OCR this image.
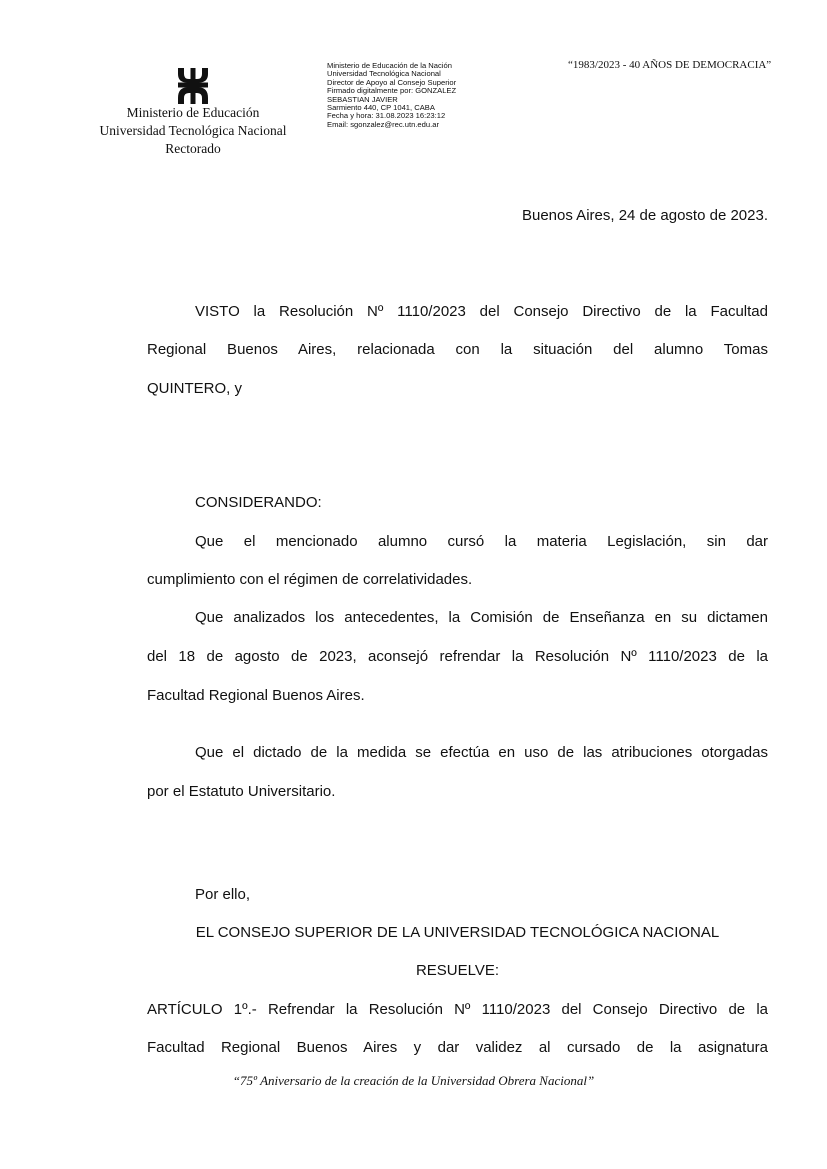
Ministerio de Educación
Universidad Tecnológica Nacional
Rectorado
Ministerio de Educación de la Nación
Universidad Tecnológica Nacional
Director de Apoyo al Consejo Superior
Firmado digitalmente por: GONZALEZ
SEBASTIAN JAVIER
Sarmiento 440, CP 1041, CABA
Fecha y hora: 31.08.2023 16:23:12
Email: sgonzalez@rec.utn.edu.ar
“1983/2023 - 40 AÑOS DE DEMOCRACIA”
Buenos Aires, 24 de agosto de 2023.
VISTO la Resolución Nº 1110/2023 del Consejo Directivo de la Facultad
Regional Buenos Aires, relacionada con la situación del alumno Tomas
QUINTERO, y
CONSIDERANDO:
Que el mencionado alumno cursó la materia Legislación, sin dar
cumplimiento con el régimen de correlatividades.
Que analizados los antecedentes, la Comisión de Enseñanza en su dictamen
del 18 de agosto de 2023, aconsejó refrendar la Resolución Nº 1110/2023 de la
Facultad Regional Buenos Aires.
Que el dictado de la medida se efectúa en uso de las atribuciones otorgadas
por el Estatuto Universitario.
Por ello,
EL CONSEJO SUPERIOR DE LA UNIVERSIDAD TECNOLÓGICA NACIONAL
RESUELVE:
ARTÍCULO 1º.- Refrendar la Resolución Nº 1110/2023 del Consejo Directivo de la
Facultad Regional Buenos Aires y dar validez al cursado de la asignatura
“75º Aniversario de la creación de la Universidad Obrera Nacional”
